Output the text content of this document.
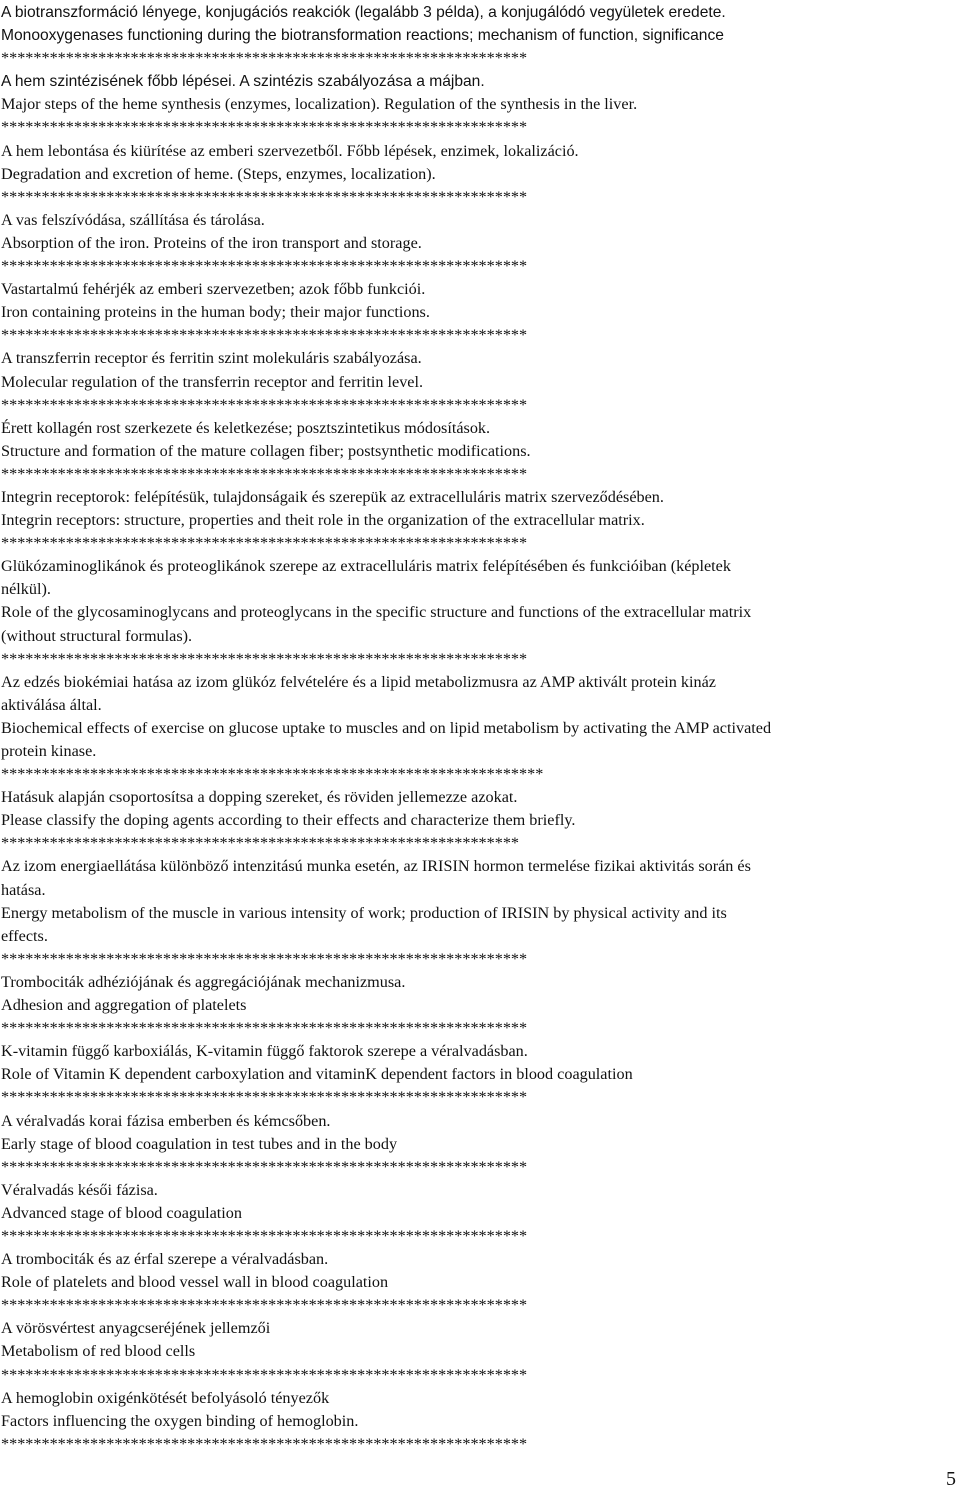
A biotranszformáció lényege, konjugációs reakciók (legalább 3 példa), a konjugálódó vegyületek eredete.
Monooxygenases functioning during the biotransformation reactions; mechanism of function, significance
*****************************************************************
A hem szintézisének főbb lépései. A szintézis szabályozása a májban.
Major steps of the heme synthesis (enzymes, localization). Regulation of the synthesis in the liver.
*****************************************************************
A hem lebontása és kiürítése az emberi szervezetből. Főbb lépések, enzimek, lokalizáció.
Degradation and excretion of heme. (Steps, enzymes, localization).
*****************************************************************
A vas felszívódása, szállítása és tárolása.
Absorption of the iron. Proteins of the iron transport and storage.
*****************************************************************
Vastartalmú fehérjék az emberi szervezetben; azok főbb funkciói.
Iron containing proteins in the human body; their major functions.
*****************************************************************
A transzferrin receptor és ferritin szint molekuláris szabályozása.
Molecular regulation of the transferrin receptor and ferritin level.
*****************************************************************
Érett kollagén rost szerkezete és keletkezése; posztszintetikus módosítások.
Structure and formation of the mature collagen fiber; postsynthetic modifications.
*****************************************************************
Integrin receptorok: felépítésük, tulajdonságaik és szerepük az extracelluláris matrix szerveződésében.
Integrin receptors: structure, properties and theit role in the organization of the extracellular matrix.
*****************************************************************
Glükózaminoglikánok és proteoglikánok szerepe az extracelluláris matrix felépítésében és funkcióiban (képletek
nélkül).
Role of the glycosaminoglycans and proteoglycans in the specific structure and functions of the extracellular matrix
(without structural formulas).
*****************************************************************
Az edzés biokémiai hatása az izom glükóz felvételére és a lipid metabolizmusra az AMP aktivált protein kináz
aktiválása által.
Biochemical effects of exercise on glucose uptake to muscles and on lipid metabolism by activating the AMP activated
protein kinase.
*******************************************************************
Hatásuk alapján csoportosítsa a dopping szereket, és röviden jellemezze azokat.
Please classify the doping agents according to their effects and characterize them briefly.
****************************************************************
Az izom energiaellátása különböző intenzitású munka esetén, az IRISIN hormon termelése fizikai aktivitás során és
hatása.
Energy metabolism of the muscle in various intensity of work; production of IRISIN by physical activity and its
effects.
*****************************************************************
Trombociták adhéziójának és aggregációjának mechanizmusa.
Adhesion and aggregation of platelets
*****************************************************************
K-vitamin függő karboxiálás, K-vitamin függő faktorok szerepe a véralvadásban.
Role of Vitamin K dependent carboxylation and vitaminK dependent factors in blood coagulation
*****************************************************************
A véralvadás korai fázisa emberben és kémcsőben.
Early stage of blood coagulation in test tubes and in the body
*****************************************************************
Véralvadás késői fázisa.
Advanced stage of blood coagulation
*****************************************************************
A trombociták és az érfal szerepe a véralvadásban.
Role of platelets and blood vessel wall in blood coagulation
*****************************************************************
A vörösvértest anyagcseréjének jellemzői
Metabolism of red blood cells
*****************************************************************
A hemoglobin oxigénkötését befolyásoló tényezők
Factors influencing the oxygen binding of hemoglobin.
*****************************************************************
5
